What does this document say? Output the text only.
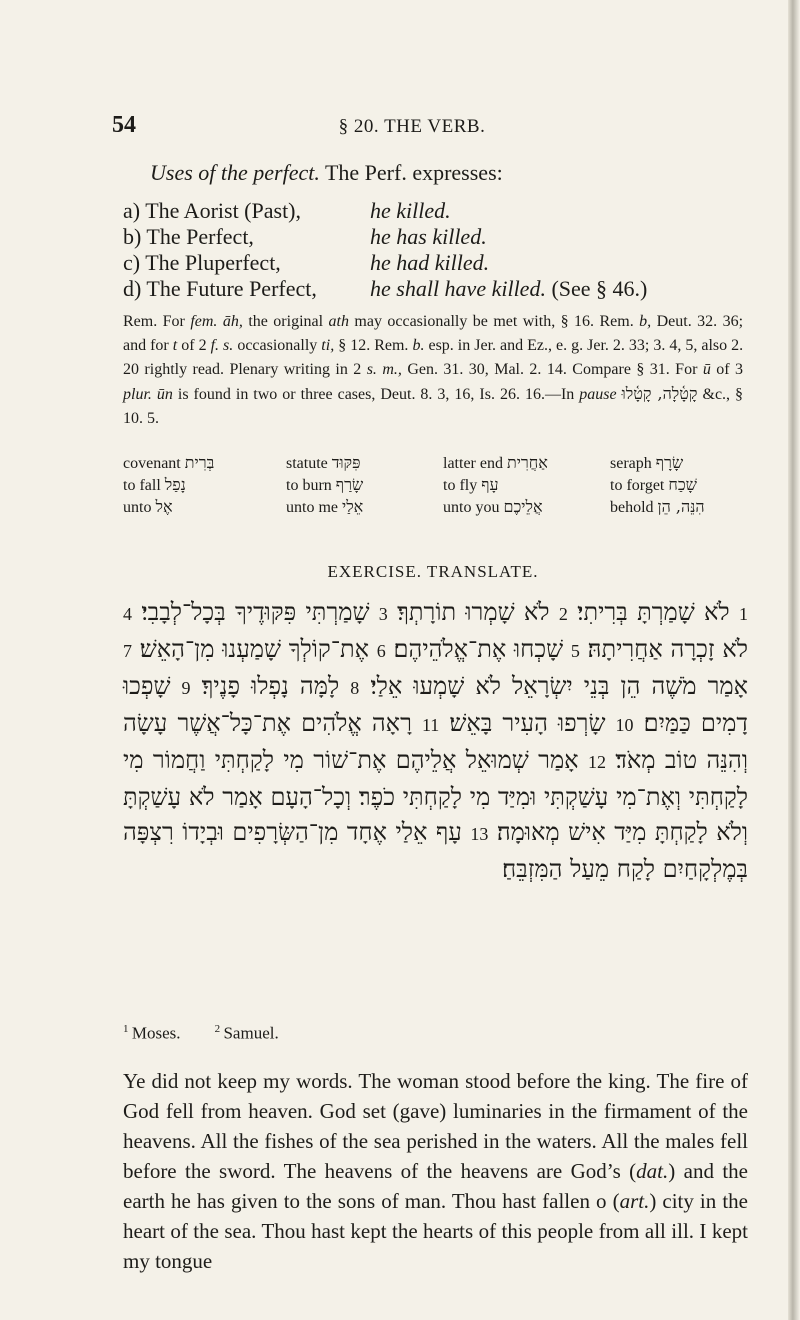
54	§ 20. THE VERB.
Uses of the perfect. The Perf. expresses:
a) The Aorist (Past),	he killed.
b) The Perfect,	he has killed.
c) The Pluperfect,	he had killed.
d) The Future Perfect, he shall have killed. (See § 46.)
Rem. For fem. āh, the original ath may occasionally be met with, § 16. Rem. b, Deut. 32. 36; and for t of 2 f. s. occasionally ti, § 12. Rem. b. esp. in Jer. and Ez., e. g. Jer. 2. 33; 3. 4, 5, also 2. 20 rightly read. Plenary writing in 2 s. m., Gen. 31. 30, Mal. 2. 14. Compare § 31. For ū of 3 plur. ūn is found in two or three cases, Deut. 8. 3, 16, Is. 26. 16.—In pause קָטָ֫לָה, קָטָ֫לוּ &c., § 10. 5.
covenant בְּרִית	statute פִּקּוּד	latter end אַחֲרִית	seraph שָׂרָף
to fall נָפַל	to burn שָׂרַף	to fly עָף	to forget שָׁכַח
unto אֶל	unto me אֵלַי	unto you אֲלֵיכֶם	behold הִנֵּה, הֵן
EXERCISE. TRANSLATE.
1 לֹא שָׁמַרְתָּ בְּרִיתִי׃ 2 לֹא שָׁמְרוּ תוֹרָתְךָ׃ 3 שָׁמַרְתִּי פִּקּוּדֶיךָ בְּכָל־לְבָבִי׃ 4 לֹא זָכְרָה אַחֲרִיתָהּ׃ 5 שָׁכְחוּ אֶת־אֱלֹהֵיהֶם׃ 6 אֶת־קוֹלְךָ שָׁמַעְנוּ מִן־הָאֵשׁ׃ 7 אָמַר מֹשֶׁה הֵן בְּנֵי יִשְׂרָאֵל לֹא שָׁמְעוּ אֵלַי׃ 8 לָמָּה נָפְלוּ פָנֶיךָ׃ 9 שָׁפְכוּ דָמִים כַּמַּיִם׃ 10 שָׂרְפוּ הָעִיר בָּאֵשׁ׃ 11 רָאָה אֱלֹהִים אֶת־כָּל־אֲשֶׁר עָשָׂה וְהִנֵּה טוֹב מְאֹד׃ 12 אָמַר שְׁמוּאֵל אֲלֵיהֶם אֶת־שׁוֹר מִי לָקַחְתִּי וַחֲמוֹר מִי לָקַחְתִּי וְאֶת־מִי עָשַׁקְתִּי וּמִיַּד מִי לָקַחְתִּי כֹפֶר׃ וְכָל־הָעָם אָמַר לֹא עָשַׁקְתָּ וְלֹא לָקַחְתָּ מִיַּד אִישׁ מְאוּמָה׃ 13 עָף אֵלַי אֶחָד מִן־הַשְּׂרָפִים וּבְיָדוֹ רִצְפָּה בְּמֶלְקָחַיִם לָקַח מֵעַל הַמִּזְבֵּחַ׃
$^1$  Moses.  	$^2$  Samuel.
Ye did not keep my words. The woman stood before the king. The fire of God fell from heaven. God set (gave) luminaries in the firmament of the heavens. All the fishes of the sea perished in the waters. All the males fell before the sword. The heavens of the heavens are God’s (dat.) and the earth he has given to the sons of man. Thou hast fallen o (art.) city in the heart of the sea. Thou hast kept the hearts of this people from all ill. I kept my tongue
